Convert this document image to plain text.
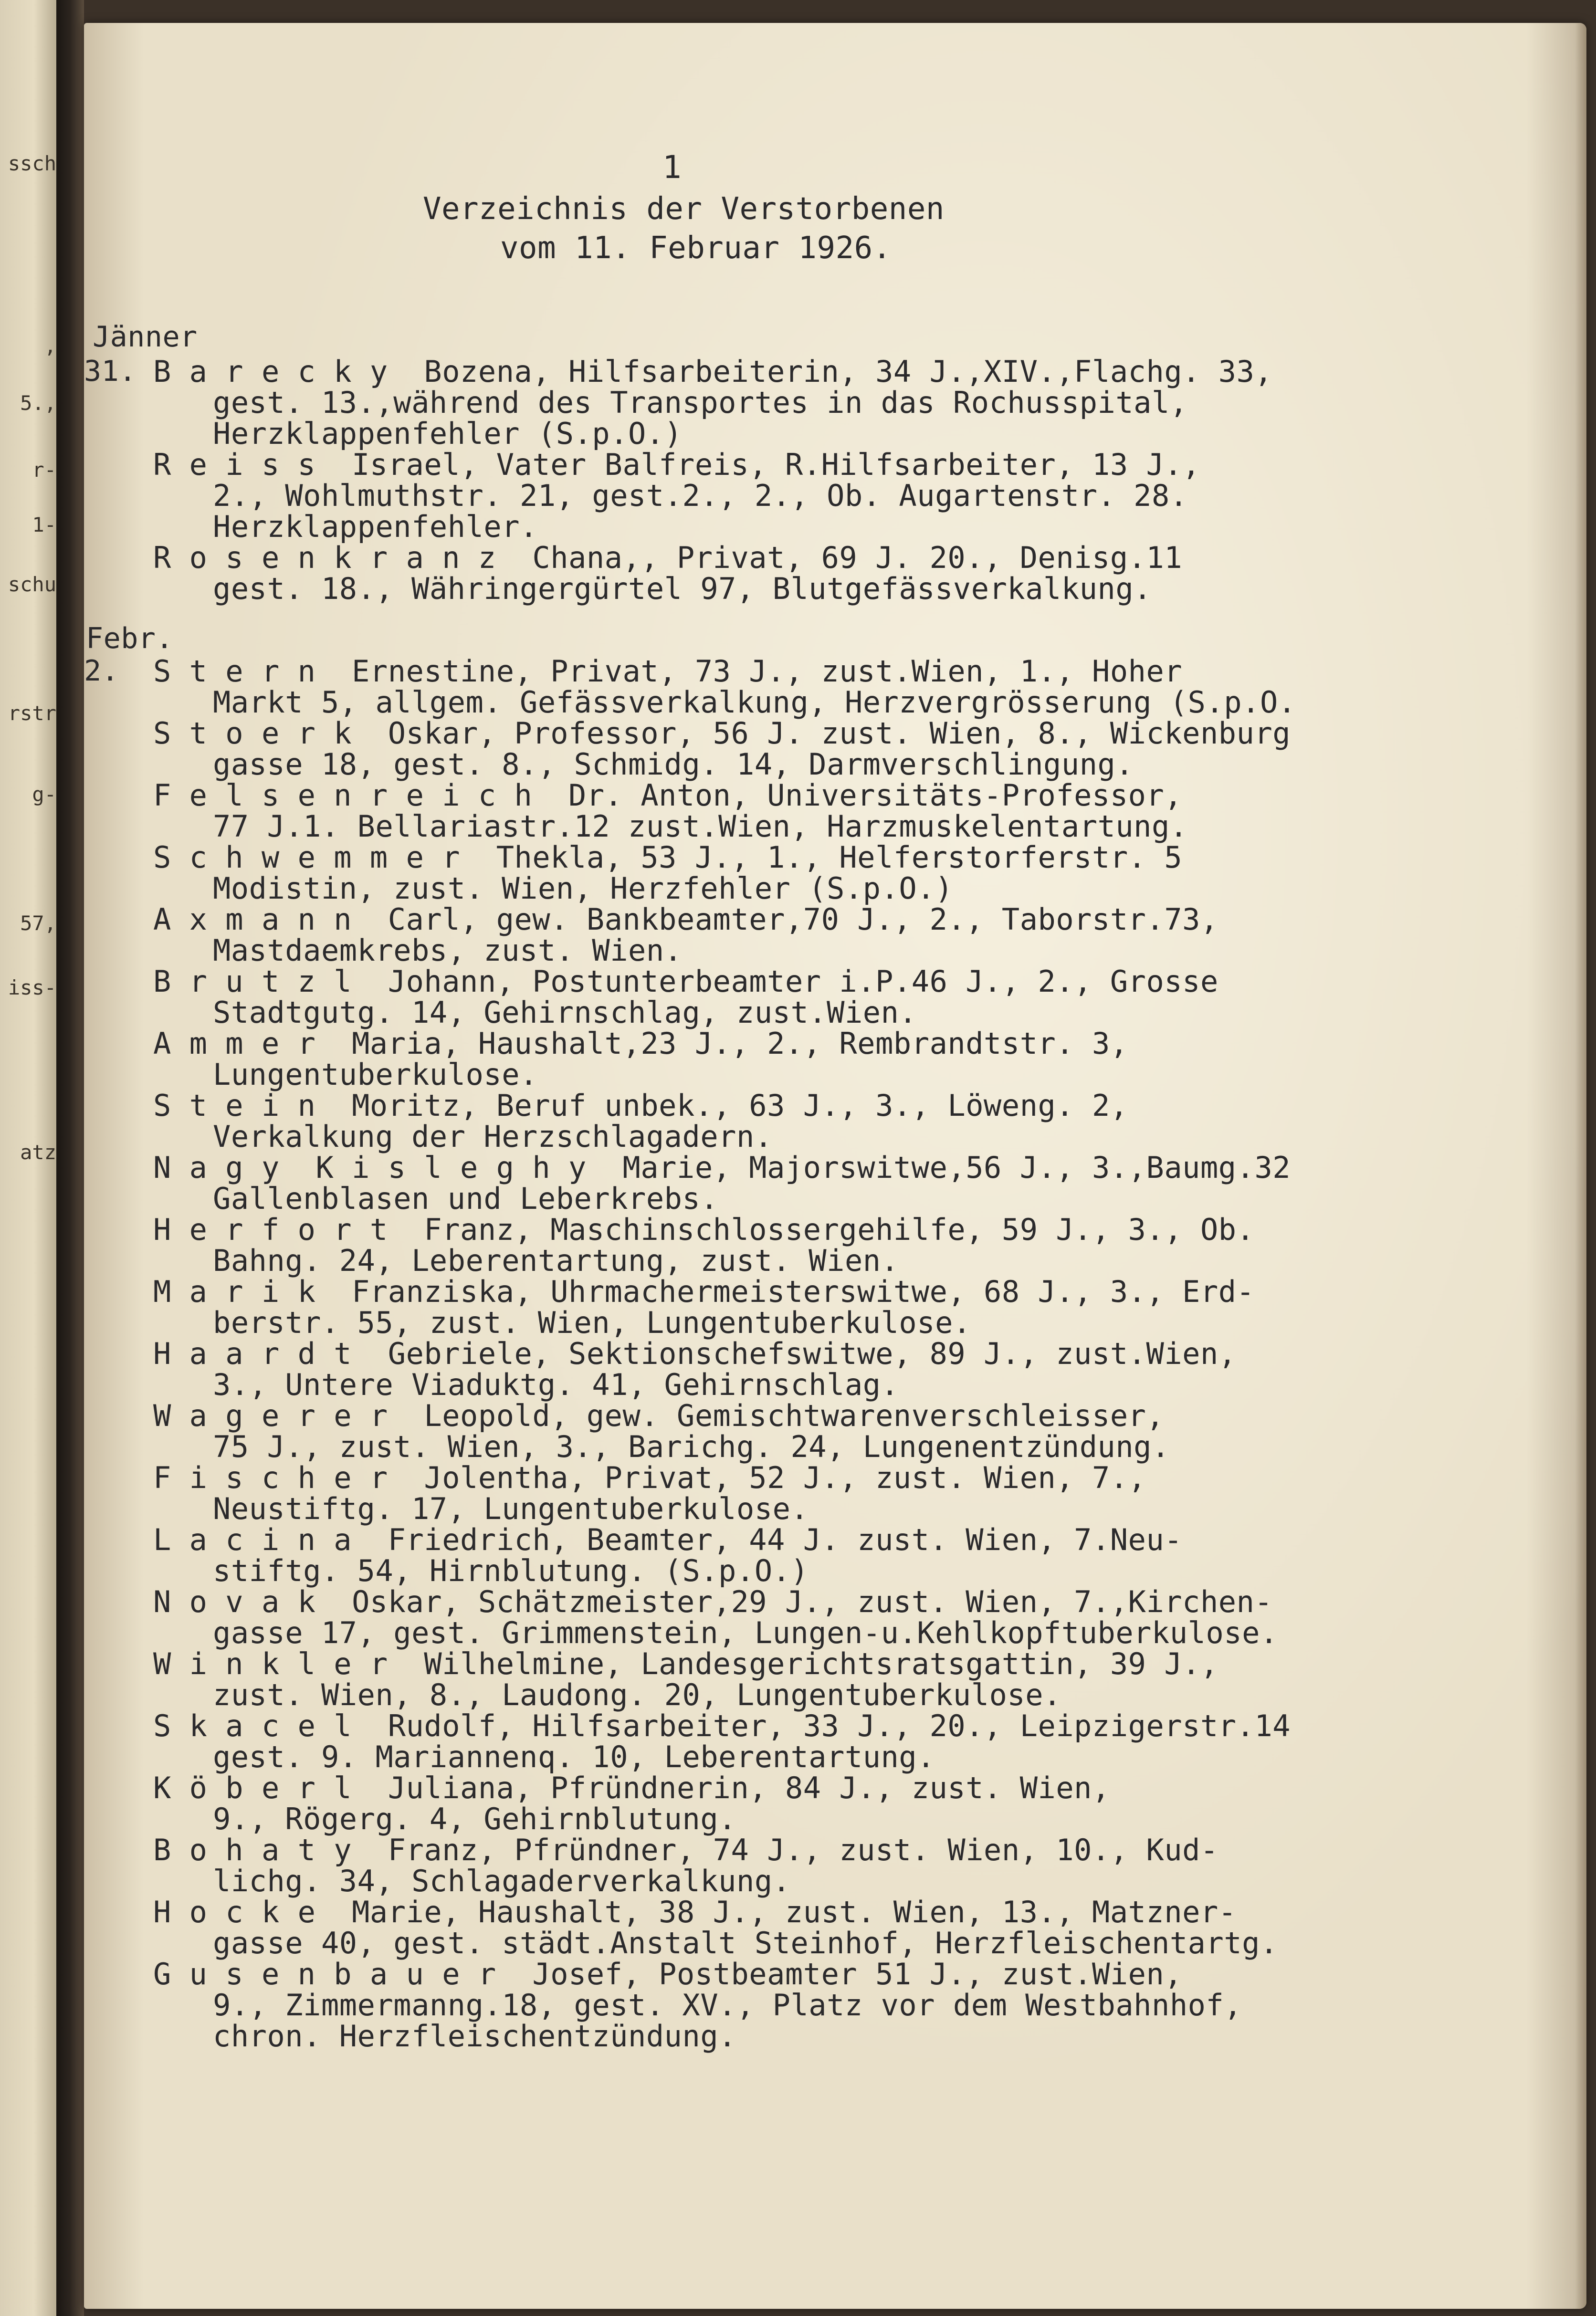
ssch
,
5.,
r-
1-
schu
rstr
g-
57,
iss-
atz
1
Verzeichnis der Verstorbenen
vom 11. Februar 1926.
Jänner
Febr.
31.
2.
B a r e c k y  Bozena, Hilfsarbeiterin, 34 J.,XIV.,Flachg. 33,
gest. 13.,während des Transportes in das Rochusspital,
Herzklappenfehler (S.p.O.)
R e i s s  Israel, Vater Balfreis, R.Hilfsarbeiter, 13 J.,
2., Wohlmuthstr. 21, gest.2., 2., Ob. Augartenstr. 28.
Herzklappenfehler.
R o s e n k r a n z  Chana,, Privat, 69 J. 20., Denisg.11
gest. 18., Währingergürtel 97, Blutgefässverkalkung.
S t e r n  Ernestine, Privat, 73 J., zust.Wien, 1., Hoher
Markt 5, allgem. Gefässverkalkung, Herzvergrösserung (S.p.O.
S t o e r k  Oskar, Professor, 56 J. zust. Wien, 8., Wickenburg
gasse 18, gest. 8., Schmidg. 14, Darmverschlingung.
F e l s e n r e i c h  Dr. Anton, Universitäts-Professor,
77 J.1. Bellariastr.12 zust.Wien, Harzmuskelentartung.
S c h w e m m e r  Thekla, 53 J., 1., Helferstorferstr. 5
Modistin, zust. Wien, Herzfehler (S.p.O.)
A x m a n n  Carl, gew. Bankbeamter,70 J., 2., Taborstr.73,
Mastdaemkrebs, zust. Wien.
B r u t z l  Johann, Postunterbeamter i.P.46 J., 2., Grosse
Stadtgutg. 14, Gehirnschlag, zust.Wien.
A m m e r  Maria, Haushalt,23 J., 2., Rembrandtstr. 3,
Lungentuberkulose.
S t e i n  Moritz, Beruf unbek., 63 J., 3., Löweng. 2,
Verkalkung der Herzschlagadern.
N a g y  K i s l e g h y  Marie, Majorswitwe,56 J., 3.,Baumg.32
Gallenblasen und Leberkrebs.
H e r f o r t  Franz, Maschinschlossergehilfe, 59 J., 3., Ob.
Bahng. 24, Leberentartung, zust. Wien.
M a r i k  Franziska, Uhrmachermeisterswitwe, 68 J., 3., Erd-
berstr. 55, zust. Wien, Lungentuberkulose.
H a a r d t  Gebriele, Sektionschefswitwe, 89 J., zust.Wien,
3., Untere Viaduktg. 41, Gehirnschlag.
W a g e r e r  Leopold, gew. Gemischtwarenverschleisser,
75 J., zust. Wien, 3., Barichg. 24, Lungenentzündung.
F i s c h e r  Jolentha, Privat, 52 J., zust. Wien, 7.,
Neustiftg. 17, Lungentuberkulose.
L a c i n a  Friedrich, Beamter, 44 J. zust. Wien, 7.Neu-
stiftg. 54, Hirnblutung. (S.p.O.)
N o v a k  Oskar, Schätzmeister,29 J., zust. Wien, 7.,Kirchen-
gasse 17, gest. Grimmenstein, Lungen-u.Kehlkopftuberkulose.
W i n k l e r  Wilhelmine, Landesgerichtsratsgattin, 39 J.,
zust. Wien, 8., Laudong. 20, Lungentuberkulose.
S k a c e l  Rudolf, Hilfsarbeiter, 33 J., 20., Leipzigerstr.14
gest. 9. Mariannenq. 10, Leberentartung.
K ö b e r l  Juliana, Pfründnerin, 84 J., zust. Wien,
9., Rögerg. 4, Gehirnblutung.
B o h a t y  Franz, Pfründner, 74 J., zust. Wien, 10., Kud-
lichg. 34, Schlagaderverkalkung.
H o c k e  Marie, Haushalt, 38 J., zust. Wien, 13., Matzner-
gasse 40, gest. städt.Anstalt Steinhof, Herzfleischentartg.
G u s e n b a u e r  Josef, Postbeamter 51 J., zust.Wien,
9., Zimmermanng.18, gest. XV., Platz vor dem Westbahnhof,
chron. Herzfleischentzündung.
